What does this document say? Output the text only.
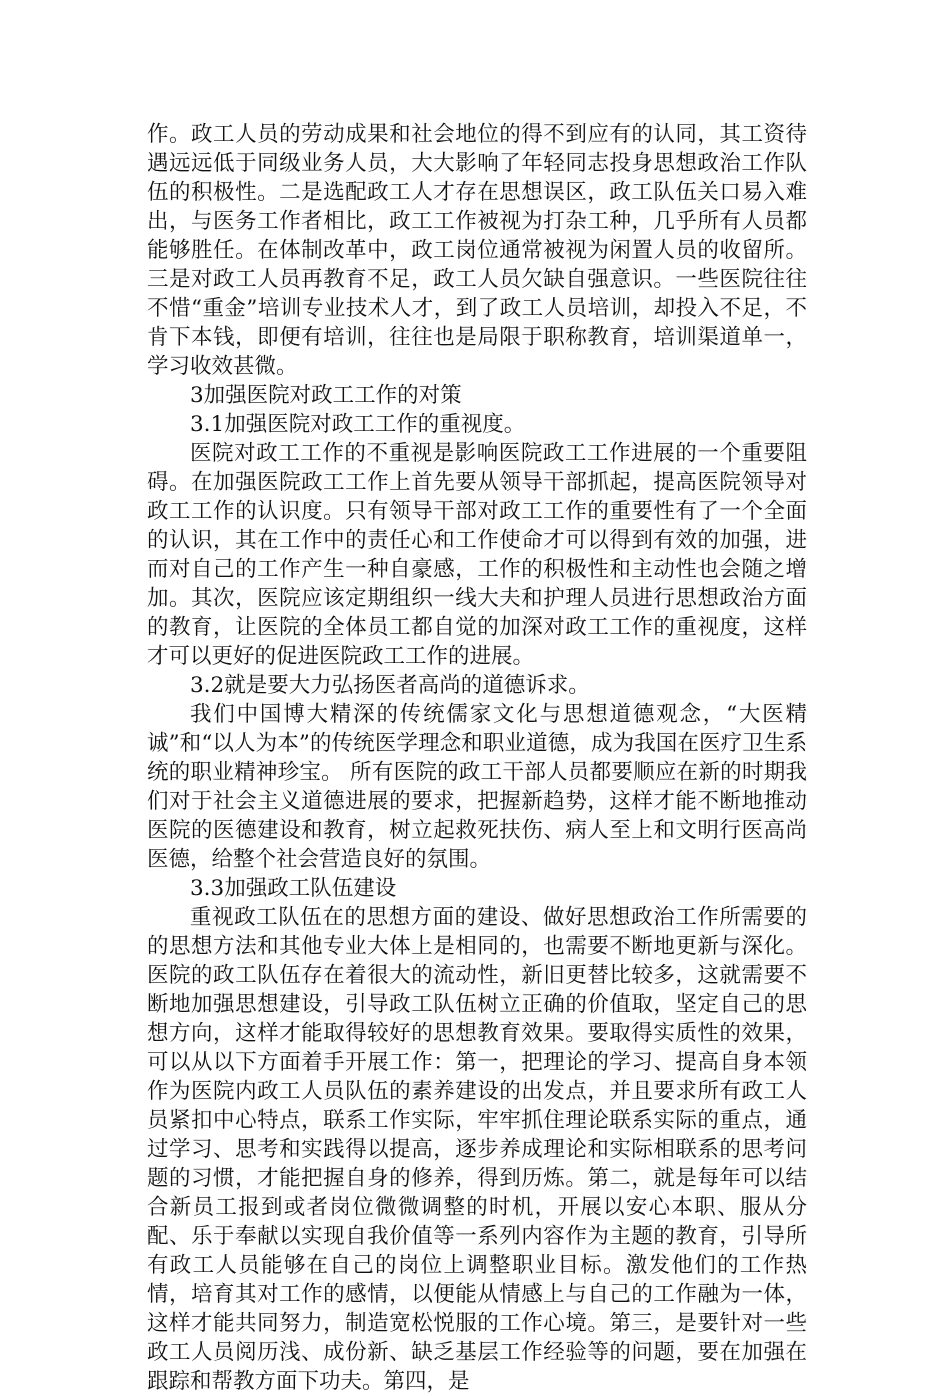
作。政工人员的劳动成果和社会地位的得不到应有的认同，其工资待遇远远低于同级业务人员，大大影响了年轻同志投身思想政治工作队伍的积极性。二是选配政工人才存在思想误区，政工队伍关口易入难出，与医务工作者相比，政工工作被视为打杂工种，几乎所有人员都能够胜任。在体制改革中，政工岗位通常被视为闲置人员的收留所。三是对政工人员再教育不足，政工人员欠缺自强意识。一些医院往往不惜“重金”培训专业技术人才，到了政工人员培训，却投入不足，不肯下本钱，即便有培训，往往也是局限于职称教育，培训渠道单一，学习收效甚微。

3加强医院对政工工作的对策

3.1加强医院对政工工作的重视度。

医院对政工工作的不重视是影响医院政工工作进展的一个重要阻碍。在加强医院政工工作上首先要从领导干部抓起，提高医院领导对政工工作的认识度。只有领导干部对政工工作的重要性有了一个全面的认识，其在工作中的责任心和工作使命才可以得到有效的加强，进而对自己的工作产生一种自豪感，工作的积极性和主动性也会随之增加。其次，医院应该定期组织一线大夫和护理人员进行思想政治方面的教育，让医院的全体员工都自觉的加深对政工工作的重视度，这样才可以更好的促进医院政工工作的进展。

3.2就是要大力弘扬医者高尚的道德诉求。

我们中国博大精深的传统儒家文化与思想道德观念，“大医精诚”和“以人为本”的传统医学理念和职业道德，成为我国在医疗卫生系统的职业精神珍宝。 所有医院的政工干部人员都要顺应在新的时期我们对于社会主义道德进展的要求，把握新趋势，这样才能不断地推动医院的医德建设和教育，树立起救死扶伤、病人至上和文明行医高尚医德，给整个社会营造良好的氛围。

3.3加强政工队伍建设

重视政工队伍在的思想方面的建设、做好思想政治工作所需要的的思想方法和其他专业大体上是相同的，也需要不断地更新与深化。医院的政工队伍存在着很大的流动性，新旧更替比较多，这就需要不断地加强思想建设，引导政工队伍树立正确的价值取，坚定自己的思想方向，这样才能取得较好的思想教育效果。要取得实质性的效果，可以从以下方面着手开展工作：第一，把理论的学习、提高自身本领作为医院内政工人员队伍的素养建设的出发点，并且要求所有政工人员紧扣中心特点，联系工作实际，牢牢抓住理论联系实际的重点，通过学习、思考和实践得以提高，逐步养成理论和实际相联系的思考问题的习惯，才能把握自身的修养，得到历炼。第二，就是每年可以结合新员工报到或者岗位微微调整的时机，开展以安心本职、服从分配、乐于奉献以实现自我价值等一系列内容作为主题的教育，引导所有政工人员能够在自己的岗位上调整职业目标。激发他们的工作热情，培育其对工作的感情，以便能从情感上与自己的工作融为一体，这样才能共同努力，制造宽松悦服的工作心境。第三，是要针对一些政工人员阅历浅、成份新、缺乏基层工作经验等的问题，要在加强在跟踪和帮教方面下功夫。第四，是
